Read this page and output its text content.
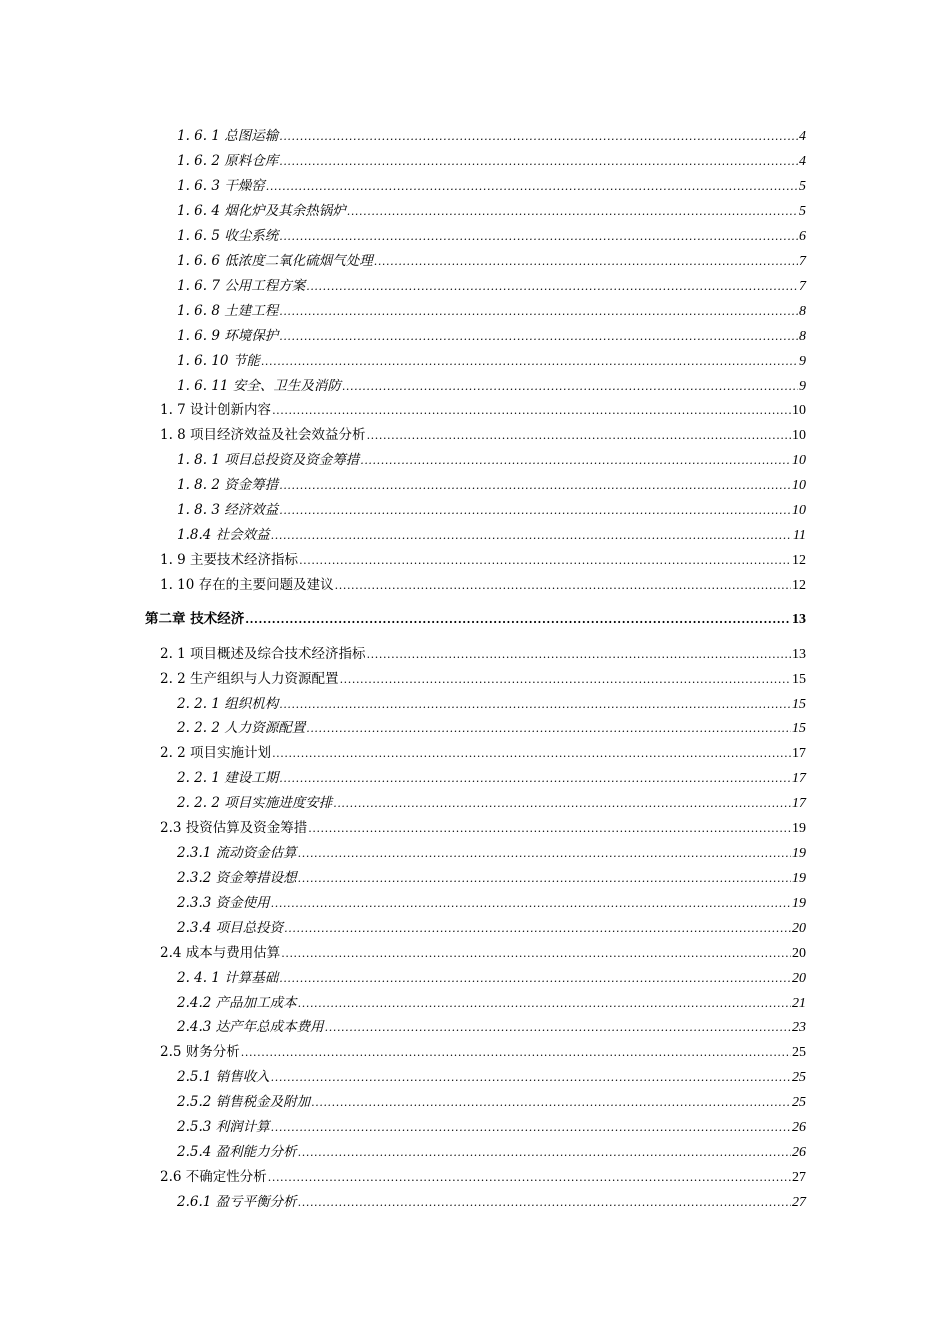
1. 6. 1 总图运输 .....	4
1. 6. 2 原料仓库 .....	4
1. 6. 3 干燥窑 .....	5
1. 6. 4 烟化炉及其余热锅炉 .....	5
1. 6. 5 收尘系统 .....	6
1. 6. 6 低浓度二氧化硫烟气处理 .....	7
1. 6. 7 公用工程方案 .....	7
1. 6. 8 土建工程 .....	8
1. 6. 9 环境保护 .....	8
1. 6. 10 节能 .....	9
1. 6. 11 安全、卫生及消防 .....	9
1. 7 设计创新内容 .....	10
1. 8 项目经济效益及社会效益分析 .....	10
1. 8. 1 项目总投资及资金筹措 .....	10
1. 8. 2 资金筹措 .....	10
1. 8. 3 经济效益 .....	10
1.8.4 社会效益 .....	11
1. 9 主要技术经济指标 .....	12
1. 10 存在的主要问题及建议 .....	12
第二章 技术经济 .....	13
2. 1 项目概述及综合技术经济指标 .....	13
2. 2 生产组织与人力资源配置 .....	15
2. 2. 1 组织机构 .....	15
2. 2. 2 人力资源配置 .....	15
2. 2 项目实施计划 .....	17
2. 2. 1 建设工期 .....	17
2. 2. 2 项目实施进度安排 .....	17
2.3 投资估算及资金筹措 .....	19
2.3.1 流动资金估算 .....	19
2.3.2 资金筹措设想 .....	19
2.3.3 资金使用 .....	19
2.3.4 项目总投资 .....	20
2.4 成本与费用估算 .....	20
2. 4. 1 计算基础 .....	20
2.4.2 产品加工成本 .....	21
2.4.3 达产年总成本费用 .....	23
2.5 财务分析 .....	25
2.5.1 销售收入 .....	25
2.5.2 销售税金及附加 .....	25
2.5.3 利润计算 .....	26
2.5.4 盈利能力分析 .....	26
2.6 不确定性分析 .....	27
2.6.1 盈亏平衡分析 .....	27
